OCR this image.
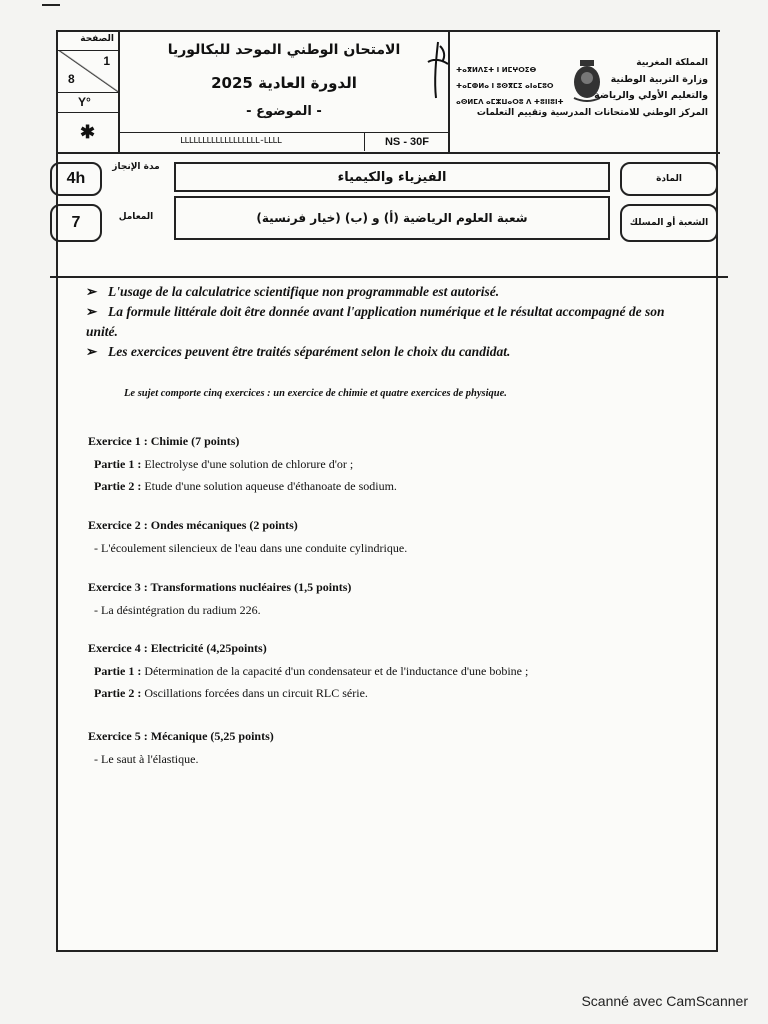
الصفحة
1
8
Y°
✱
الامتحان الوطني الموحد للبكالوريا
الدورة العادية 2025
- الموضوع -
LLLLLLLLLLLLLLLLLL-LLLL	NS - 30F
ⵜⴰⴳⵍⴷⵉⵜ ⵏ ⵍⵎⵖⵔⵉⴱ
ⵜⴰⵎⵀⵍⴰ ⵏ ⵓⵙⴳⵎⵉ ⴰⵏⴰⵎⵓⵔ
ⴰⵙⵍⵎⴷ ⴰⵎⵣⵡⴰⵔⵓ ⴷ ⵜⵓⵏⵏⵓⵏⵜ
المملكة المغربية
وزارة التربية الوطنية
والتعليم الأولي والرياضة
المركز الوطني للامتحانات المدرسية وتقييم التعلمات
4h
7
مدة الإنجاز
المعامل
الفيزياء والكيمياء
شعبة العلوم الرياضية (أ) و (ب) (خيار فرنسية)
المادة
الشعبة أو المسلك

➢ L'usage de la calculatrice scientifique non programmable est autorisé.

➢ La formule littérale doit être donnée avant l'application numérique et le résultat accompagné de son unité.

➢ Les exercices peuvent être traités séparément selon le choix du candidat.

Le sujet comporte cinq exercices : un exercice de chimie et quatre exercices de physique.

Exercice 1 : Chimie (7 points)

Partie 1 : Electrolyse d'une solution de chlorure d'or ;

Partie 2 : Etude d'une solution aqueuse d'éthanoate de sodium.

Exercice 2 : Ondes mécaniques (2 points)

- L'écoulement silencieux de l'eau dans une conduite cylindrique.

Exercice 3 : Transformations nucléaires (1,5 points)

- La désintégration du radium 226.

Exercice 4 : Electricité (4,25points)

Partie 1 : Détermination de la capacité d'un condensateur et de l'inductance d'une bobine ;

Partie 2 : Oscillations forcées dans un circuit RLC série.

Exercice 5 : Mécanique (5,25 points)

- Le saut à l'élastique.

Scanné avec CamScanner
